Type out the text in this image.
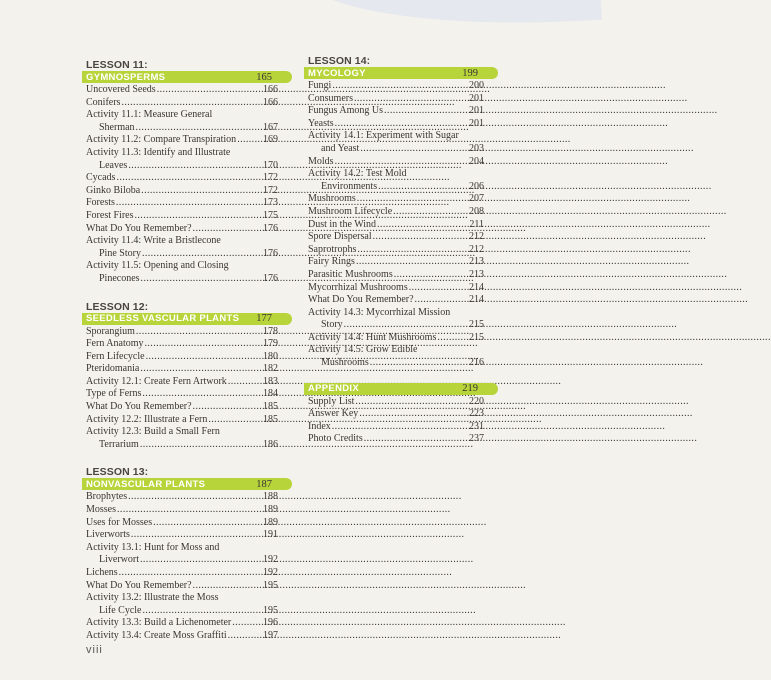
LESSON 11:
GYMNOSPERMS	165
Uncovered Seeds .....	166
Conifers .....	166
Activity 11.1: Measure General
Sherman .....	167
Activity 11.2: Compare Transpiration .....	169
Activity 11.3: Identify and Illustrate
Leaves .....	170
Cycads .....	172
Ginko Biloba .....	172
Forests .....	173
Forest Fires .....	175
What Do You Remember? .....	176
Activity 11.4: Write a Bristlecone
Pine Story .....	176
Activity 11.5: Opening and Closing
Pinecones .....	176
LESSON 12:
SEEDLESS VASCULAR PLANTS 177
Sporangium .....	178
Fern Anatomy .....	179
Fern Lifecycle .....	180
Pteridomania .....	182
Activity 12.1: Create Fern Artwork .....	183
Type of Ferns .....	184
What Do You Remember? .....	185
Activity 12.2: Illustrate a Fern .....	185
Activity 12.3: Build a Small Fern
Terrarium .....	186
LESSON 13:
NONVASCULAR PLANTS	187
Brophytes .....	188
Mosses .....	189
Uses for Mosses .....	189
Liverworts .....	191
Activity 13.1: Hunt for Moss and
Liverwort .....	192
Lichens .....	192
What Do You Remember? .....	195
Activity 13.2: Illustrate the Moss
Life Cycle .....	195
Activity 13.3: Build a Lichenometer .....	196
Activity 13.4: Create Moss Graffiti .....	197
LESSON 14:
MYCOLOGY	199
Fungi .....	200
Consumers .....	201
Fungus Among Us .....	201
Yeasts .....	201
Activity 14.1: Experiment with Sugar
and Yeast .....	203
Molds .....	204
Activity 14.2: Test Mold
Environments .....	206
Mushrooms .....	207
Mushroom Lifecycle .....	208
Dust in the Wind .....	211
Spore Dispersal .....	212
Saprotrophs .....	212
Fairy Rings .....	213
Parasitic Mushrooms .....	213
Mycorrhizal Mushrooms .....	214
What Do You Remember? .....	214
Activity 14.3: Mycorrhizal Mission
Story .....	215
Activity 14.4: Hunt Mushrooms .....	215
Activity 14.5: Grow Edible
Mushrooms .....	216
APPENDIX	219
Supply List .....	220
Answer Key .....	223
Index .....	231
Photo Credits .....	237
viii
